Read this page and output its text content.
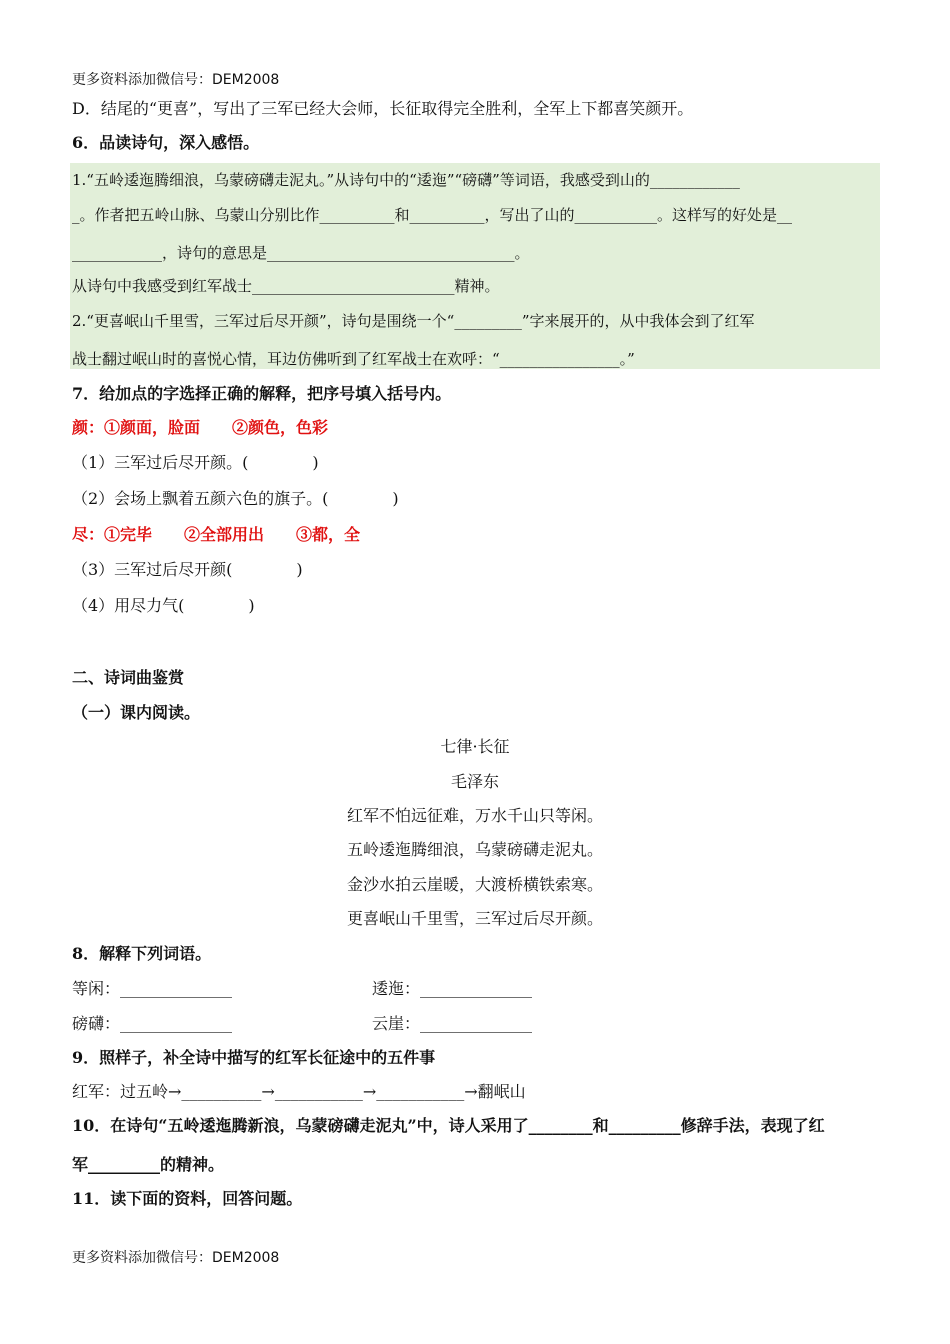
更多资料添加微信号：DEM2008
D．结尾的“更喜”，写出了三军已经大会师，长征取得完全胜利，全军上下都喜笑颜开。
6．品读诗句，深入感悟。
1.“五岭逶迤腾细浪，乌蒙磅礴走泥丸。”从诗句中的“逶迤”“磅礴”等词语，我感受到山的____________
_。作者把五岭山脉、乌蒙山分别比作__________和__________，写出了山的___________。这样写的好处是__
____________，诗句的意思是_________________________________。
从诗句中我感受到红军战士___________________________精神。
2.“更喜岷山千里雪，三军过后尽开颜”，诗句是围绕一个“_________”字来展开的，从中我体会到了红军
战士翻过岷山时的喜悦心情，耳边仿佛听到了红军战士在欢呼：“________________。”
7．给加点的字选择正确的解释，把序号填入括号内。
颜：①颜面，脸面　　②颜色，色彩
（1）三军过后尽开颜。(　　　　)
（2）会场上飘着五颜六色的旗子。(　　　　)
尽：①完毕　　②全部用出　　③都，全
（3）三军过后尽开颜(　　　　)
（4）用尽力气(　　　　)
二、诗词曲鉴赏
（一）课内阅读。
七律·长征
毛泽东
红军不怕远征难，万水千山只等闲。
五岭逶迤腾细浪，乌蒙磅礴走泥丸。
金沙水拍云崖暖，大渡桥横铁索寒。
更喜岷山千里雪，三军过后尽开颜。
8．解释下列词语。
等闲：______________	逶迤：______________
磅礴：______________	云崖：______________
9．照样子，补全诗中描写的红军长征途中的五件事
红军：过五岭→__________→___________→___________→翻岷山
10．在诗句“五岭逶迤腾新浪，乌蒙磅礴走泥丸”中，诗人采用了________和_________修辞手法，表现了红
军_________的精神。
11．读下面的资料，回答问题。
更多资料添加微信号：DEM2008
